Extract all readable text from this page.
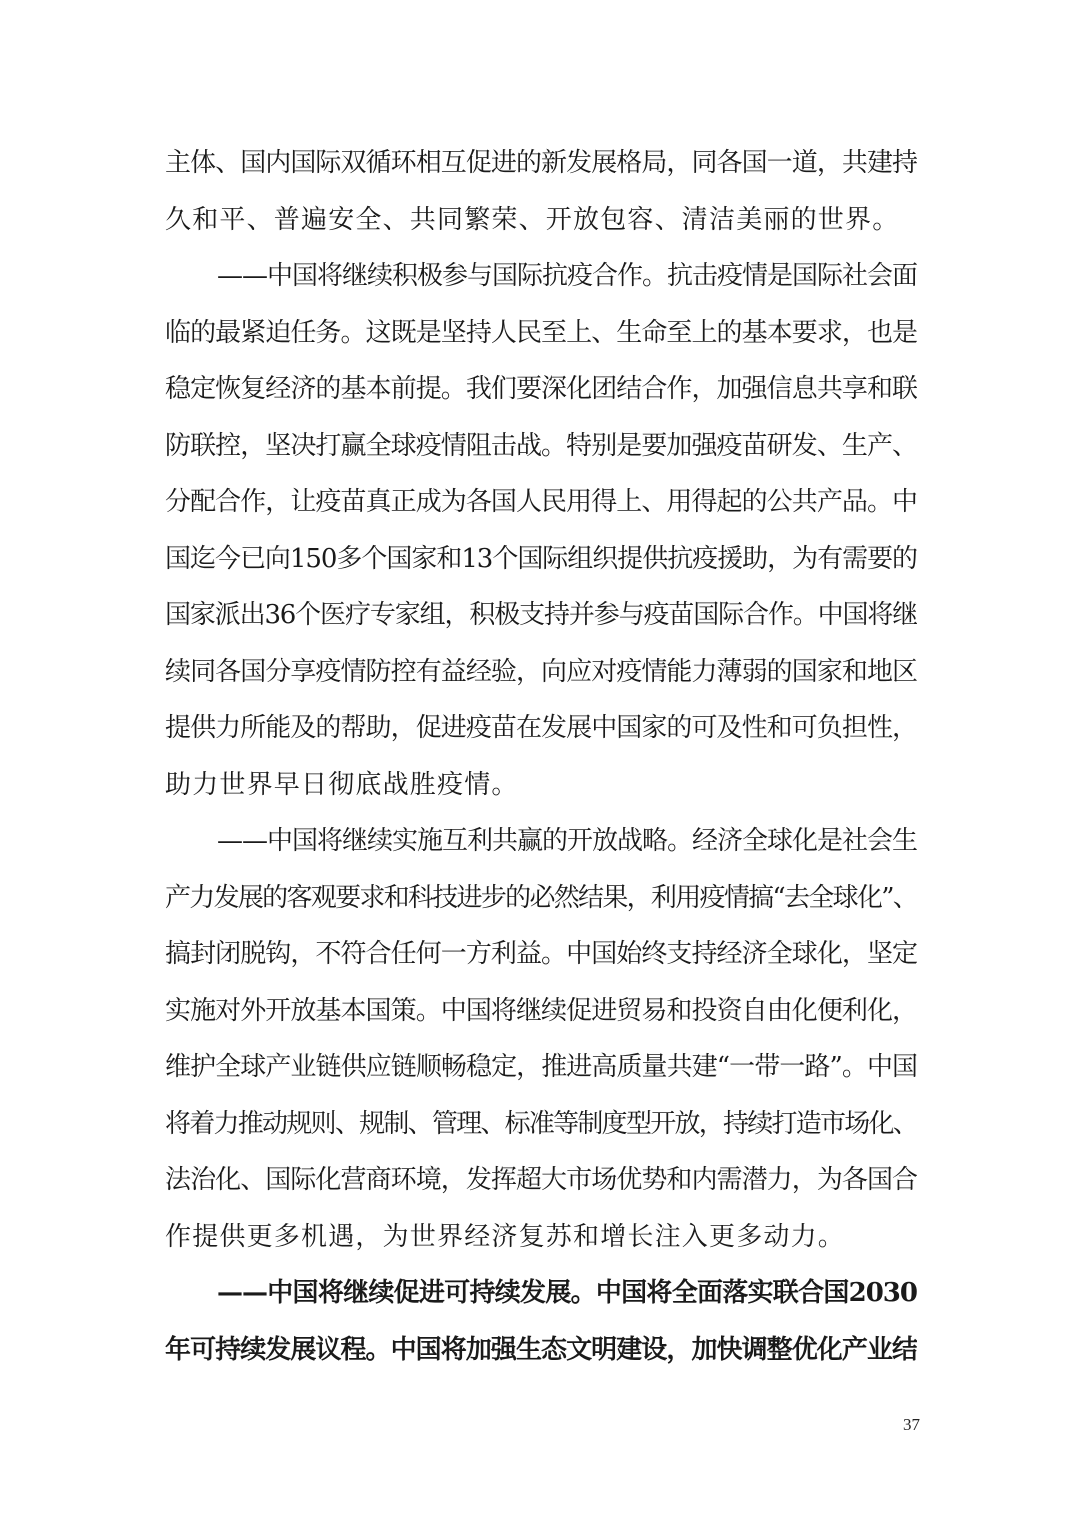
主体、国内国际双循环相互促进的新发展格局，同各国一道，共建持
久和平、普遍安全、共同繁荣、开放包容、清洁美丽的世界。
——中国将继续积极参与国际抗疫合作。抗击疫情是国际社会面
临的最紧迫任务。这既是坚持人民至上、生命至上的基本要求，也是
稳定恢复经济的基本前提。我们要深化团结合作，加强信息共享和联
防联控，坚决打赢全球疫情阻击战。特别是要加强疫苗研发、生产、
分配合作，让疫苗真正成为各国人民用得上、用得起的公共产品。中
国迄今已向150多个国家和13个国际组织提供抗疫援助，为有需要的
国家派出36个医疗专家组，积极支持并参与疫苗国际合作。中国将继
续同各国分享疫情防控有益经验，向应对疫情能力薄弱的国家和地区
提供力所能及的帮助，促进疫苗在发展中国家的可及性和可负担性，
助力世界早日彻底战胜疫情。
——中国将继续实施互利共赢的开放战略。经济全球化是社会生
产力发展的客观要求和科技进步的必然结果，利用疫情搞“去全球化”、
搞封闭脱钩，不符合任何一方利益。中国始终支持经济全球化，坚定
实施对外开放基本国策。中国将继续促进贸易和投资自由化便利化，
维护全球产业链供应链顺畅稳定，推进高质量共建“一带一路”。中国
将着力推动规则、规制、管理、标准等制度型开放，持续打造市场化、
法治化、国际化营商环境，发挥超大市场优势和内需潜力，为各国合
作提供更多机遇，为世界经济复苏和增长注入更多动力。
——中国将继续促进可持续发展。中国将全面落实联合国2030
年可持续发展议程。中国将加强生态文明建设，加快调整优化产业结
37
